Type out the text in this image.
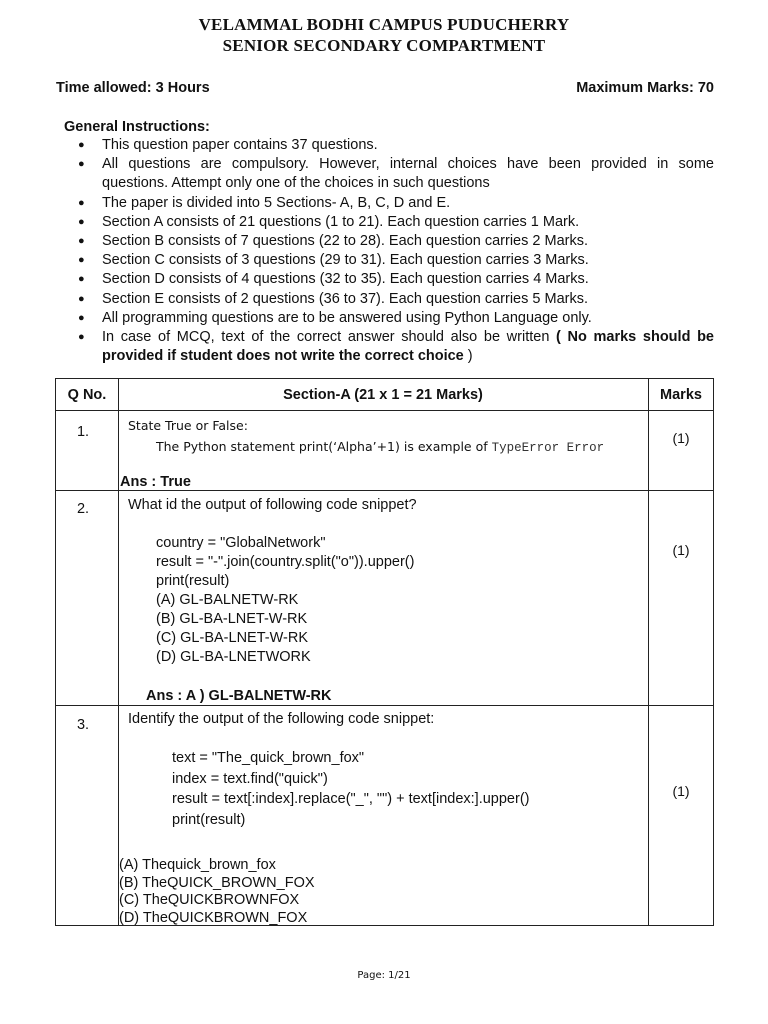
VELAMMAL BODHI CAMPUS PUDUCHERRY
SENIOR SECONDARY COMPARTMENT
Time allowed: 3 Hours	Maximum Marks: 70
General Instructions:
● This question paper contains 37 questions.
● All questions are compulsory. However, internal choices have been provided in some questions. Attempt only one of the choices in such questions
● The paper is divided into 5 Sections- A, B, C, D and E.
● Section A consists of 21 questions (1 to 21). Each question carries 1 Mark.
● Section B consists of 7 questions (22 to 28). Each question carries 2 Marks.
● Section C consists of 3 questions (29 to 31). Each question carries 3 Marks.
● Section D consists of 4 questions (32 to 35). Each question carries 4 Marks.
● Section E consists of 2 questions (36 to 37). Each question carries 5 Marks.
● All programming questions are to be answered using Python Language only.
● In case of MCQ, text of the correct answer should also be written ( No marks should be provided if student does not write the correct choice )
Q No.	Section-A (21 x 1 = 21 Marks)	Marks
1.	State True or False:
The Python statement print(‘Alpha’+1) is example of TypeError Error
(1)
Ans : True
2.	What id the output of following code snippet?
country = "GlobalNetwork"
result = "-".join(country.split("o")).upper()
print(result)
(A) GL-BALNETW-RK
(B) GL-BA-LNET-W-RK
(C) GL-BA-LNET-W-RK
(D) GL-BA-LNETWORK
(1)
Ans : A ) GL-BALNETW-RK
3.	Identify the output of the following code snippet:
text = "The_quick_brown_fox"
index = text.find("quick")
result = text[:index].replace("_", "") + text[index:].upper()
print(result)
(1)
(A) Thequick_brown_fox
(B) TheQUICK_BROWN_FOX
(C) TheQUICKBROWNFOX
(D) TheQUICKBROWN_FOX
Page: 1/21
